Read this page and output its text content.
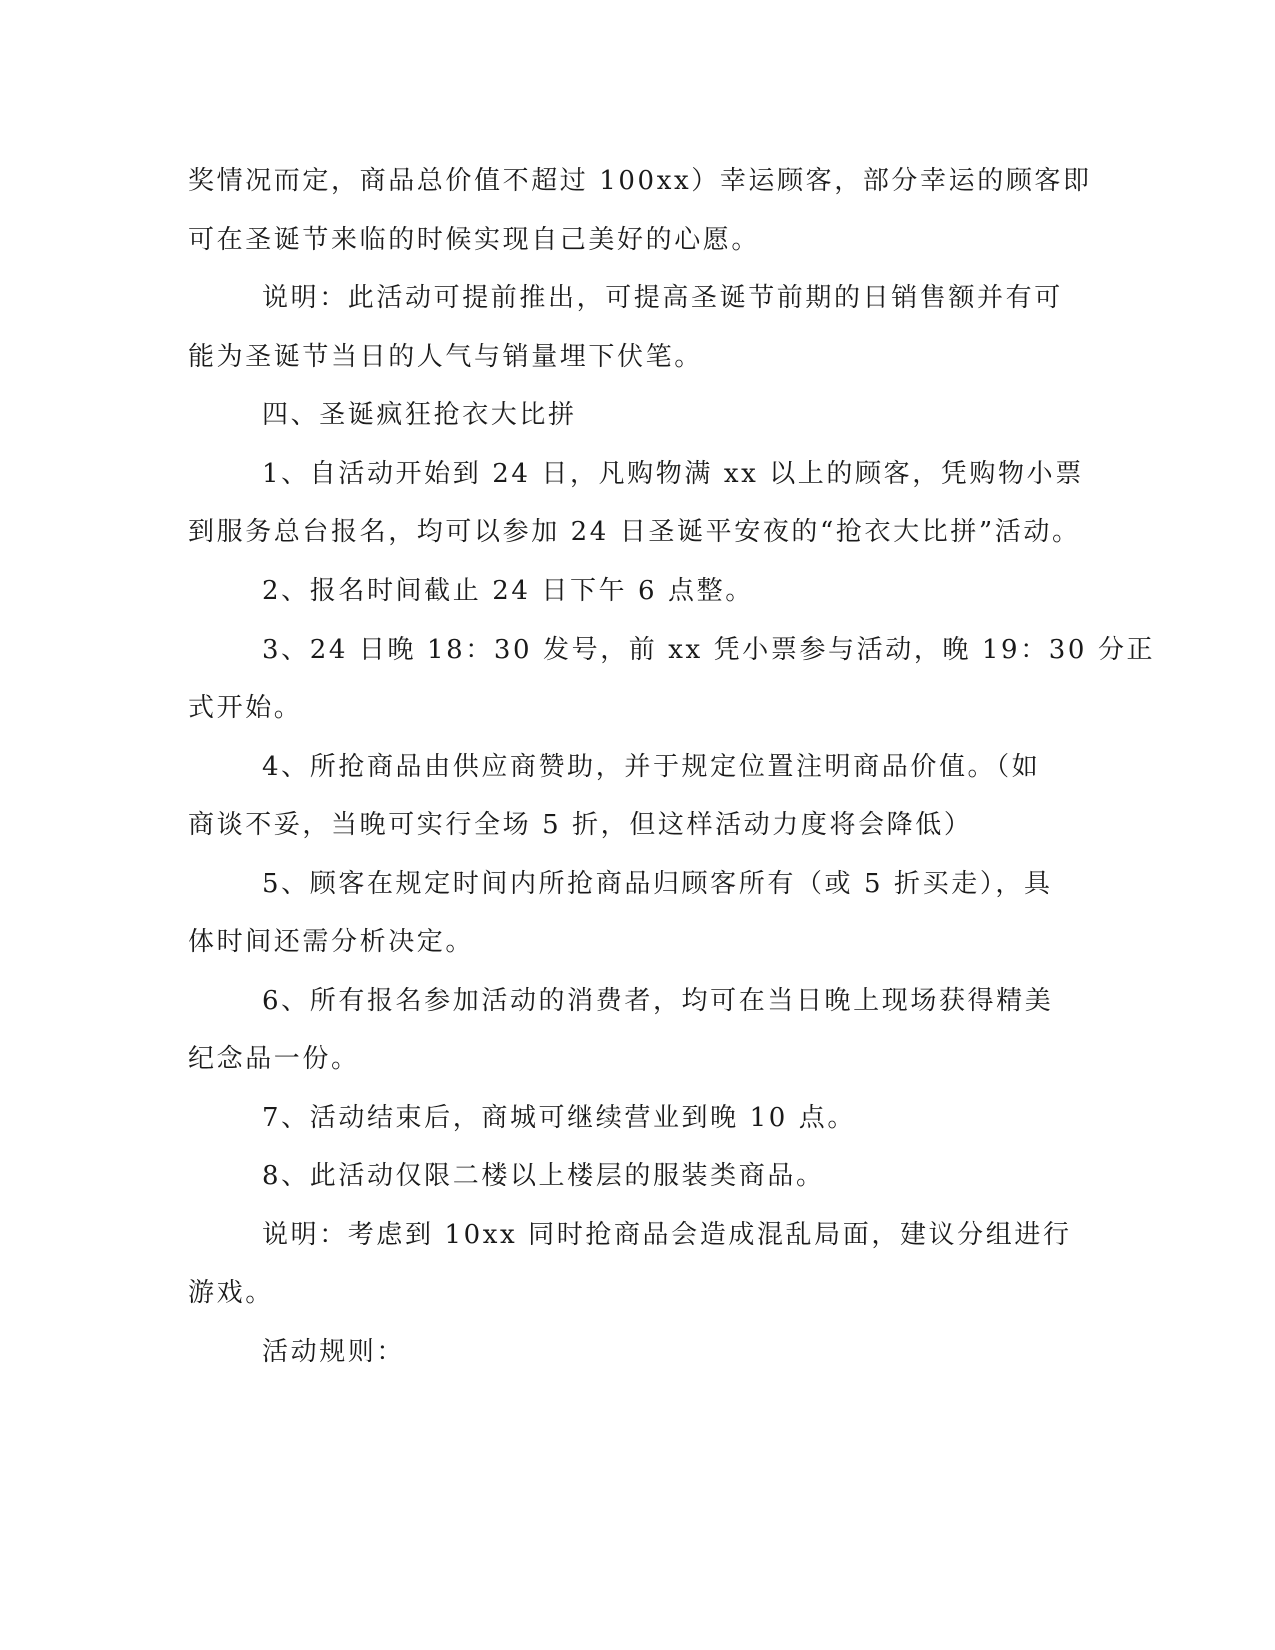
奖情况而定，商品总价值不超过 100xx）幸运顾客，部分幸运的顾客即
可在圣诞节来临的时候实现自己美好的心愿。
说明：此活动可提前推出，可提高圣诞节前期的日销售额并有可
能为圣诞节当日的人气与销量埋下伏笔。
四、圣诞疯狂抢衣大比拼
1、自活动开始到 24 日，凡购物满 xx 以上的顾客，凭购物小票
到服务总台报名，均可以参加 24 日圣诞平安夜的“抢衣大比拼”活动。
2、报名时间截止 24 日下午 6 点整。
3、24 日晚 18：30 发号，前 xx 凭小票参与活动，晚 19：30 分正
式开始。
4、所抢商品由供应商赞助，并于规定位置注明商品价值。（如
商谈不妥，当晚可实行全场 5 折，但这样活动力度将会降低）
5、顾客在规定时间内所抢商品归顾客所有（或 5 折买走），具
体时间还需分析决定。
6、所有报名参加活动的消费者，均可在当日晚上现场获得精美
纪念品一份。
7、活动结束后，商城可继续营业到晚 10 点。
8、此活动仅限二楼以上楼层的服装类商品。
说明：考虑到 10xx 同时抢商品会造成混乱局面，建议分组进行
游戏。
活动规则：
